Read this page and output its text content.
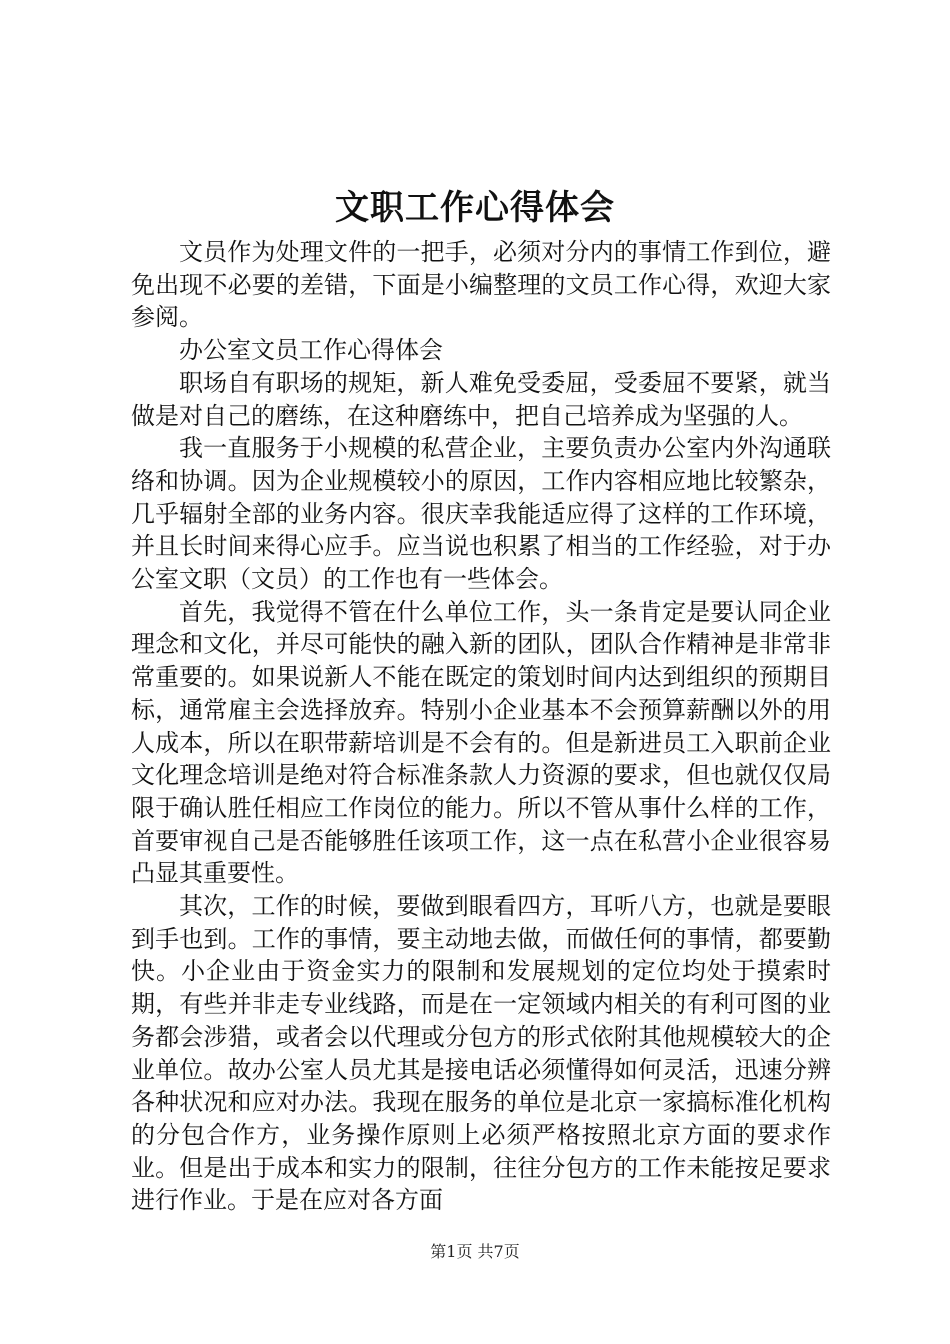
文职工作心得体会

文员作为处理文件的一把手，必须对分内的事情工作到位，避免出现不必要的差错，下面是小编整理的文员工作心得，欢迎大家参阅。

办公室文员工作心得体会

职场自有职场的规矩，新人难免受委屈，受委屈不要紧，就当做是对自己的磨练，在这种磨练中，把自己培养成为坚强的人。

我一直服务于小规模的私营企业，主要负责办公室内外沟通联络和协调。因为企业规模较小的原因，工作内容相应地比较繁杂，几乎辐射全部的业务内容。很庆幸我能适应得了这样的工作环境，并且长时间来得心应手。应当说也积累了相当的工作经验，对于办公室文职（文员）的工作也有一些体会。

首先，我觉得不管在什么单位工作，头一条肯定是要认同企业理念和文化，并尽可能快的融入新的团队，团队合作精神是非常非常重要的。如果说新人不能在既定的策划时间内达到组织的预期目标，通常雇主会选择放弃。特别小企业基本不会预算薪酬以外的用人成本，所以在职带薪培训是不会有的。但是新进员工入职前企业文化理念培训是绝对符合标准条款人力资源的要求，但也就仅仅局限于确认胜任相应工作岗位的能力。所以不管从事什么样的工作，首要审视自己是否能够胜任该项工作，这一点在私营小企业很容易凸显其重要性。

其次，工作的时候，要做到眼看四方，耳听八方，也就是要眼到手也到。工作的事情，要主动地去做，而做任何的事情，都要勤快。小企业由于资金实力的限制和发展规划的定位均处于摸索时期，有些并非走专业线路，而是在一定领域内相关的有利可图的业务都会涉猎，或者会以代理或分包方的形式依附其他规模较大的企业单位。故办公室人员尤其是接电话必须懂得如何灵活，迅速分辨各种状况和应对办法。我现在服务的单位是北京一家搞标准化机构的分包合作方，业务操作原则上必须严格按照北京方面的要求作业。但是出于成本和实力的限制，往往分包方的工作未能按足要求进行作业。于是在应对各方面

第1页 共7页
